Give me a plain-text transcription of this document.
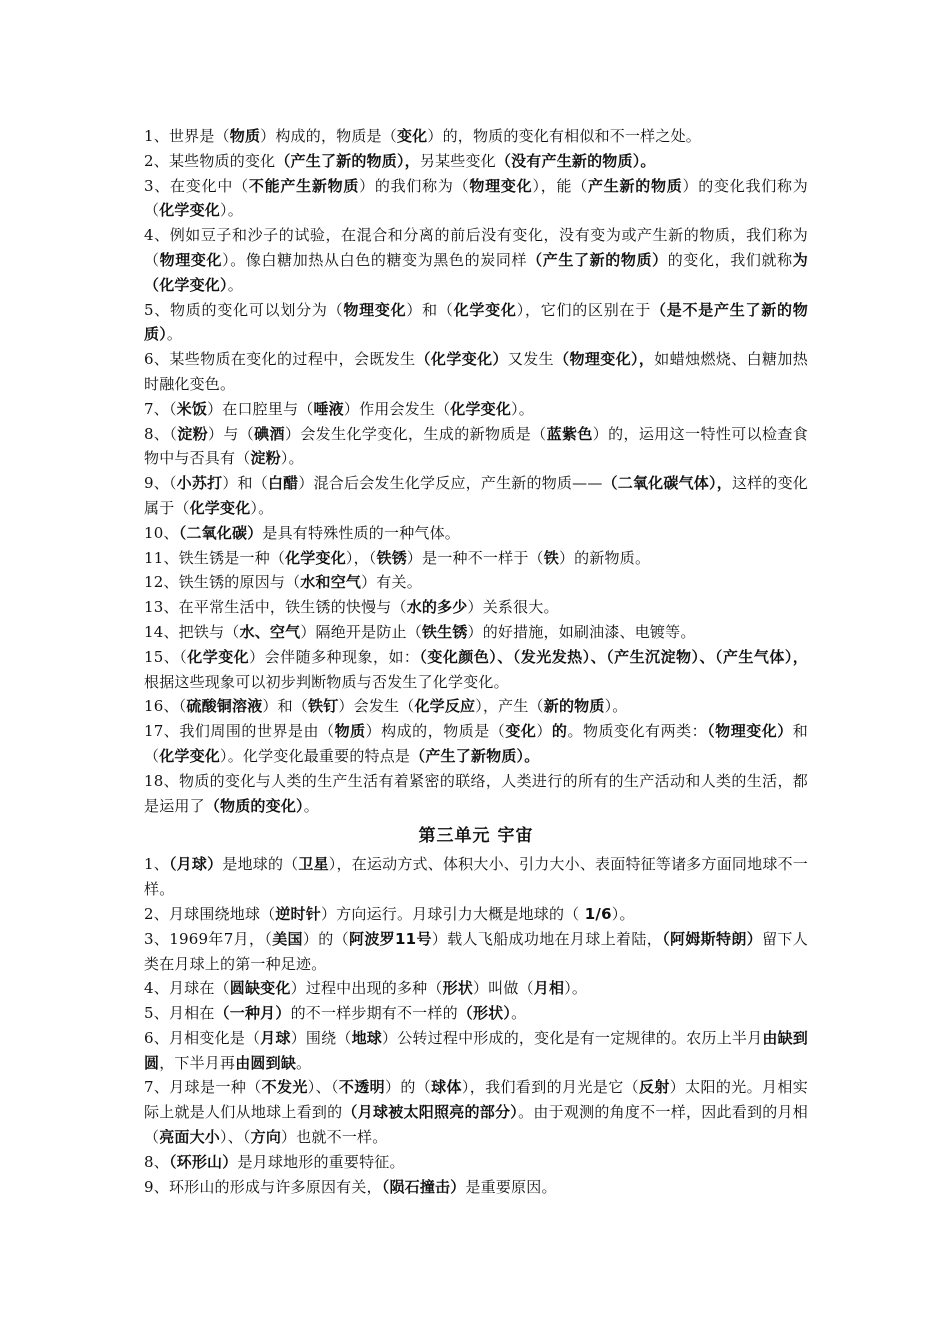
1、世界是（物质）构成的，物质是（变化）的，物质的变化有相似和不一样之处。

2、某些物质的变化（产生了新的物质），另某些变化（没有产生新的物质）。

3、在变化中（不能产生新物质）的我们称为（物理变化），能（产生新的物质）的变化我们称为（化学变化）。

4、例如豆子和沙子的试验，在混合和分离的前后没有变化，没有变为或产生新的物质，我们称为（物理变化）。像白糖加热从白色的糖变为黑色的炭同样（产生了新的物质）的变化，我们就称为（化学变化）。

5、物质的变化可以划分为（物理变化）和（化学变化），它们的区别在于（是不是产生了新的物质）。

6、某些物质在变化的过程中，会既发生（化学变化）又发生（物理变化），如蜡烛燃烧、白糖加热时融化变色。

7、（米饭）在口腔里与（唾液）作用会发生（化学变化）。

8、（淀粉）与（碘酒）会发生化学变化，生成的新物质是（蓝紫色）的，运用这一特性可以检查食物中与否具有（淀粉）。

9、（小苏打）和（白醋）混合后会发生化学反应，产生新的物质——（二氧化碳气体），这样的变化属于（化学变化）。

10、（二氧化碳）是具有特殊性质的一种气体。

11、铁生锈是一种（化学变化），（铁锈）是一种不一样于（铁）的新物质。

12、铁生锈的原因与（水和空气）有关。

13、在平常生活中，铁生锈的快慢与（水的多少）关系很大。

14、把铁与（水、空气）隔绝开是防止（铁生锈）的好措施，如刷油漆、电镀等。

15、（化学变化）会伴随多种现象，如：（变化颜色）、（发光发热）、（产生沉淀物）、（产生气体），根据这些现象可以初步判断物质与否发生了化学变化。

16、（硫酸铜溶液）和（铁钉）会发生（化学反应），产生（新的物质）。

17、我们周围的世界是由（物质）构成的，物质是（变化）的。物质变化有两类：（物理变化）和（化学变化）。化学变化最重要的特点是（产生了新物质）。

18、物质的变化与人类的生产生活有着紧密的联络，人类进行的所有的生产活动和人类的生活，都是运用了（物质的变化）。

第三单元 宇宙

1、（月球）是地球的（卫星），在运动方式、体积大小、引力大小、表面特征等诸多方面同地球不一样。

2、月球围绕地球（逆时针）方向运行。月球引力大概是地球的（ 1/6）。

3、1969年7月，（美国）的（阿波罗11号）载人飞船成功地在月球上着陆，（阿姆斯特朗）留下人类在月球上的第一种足迹。

4、月球在（圆缺变化）过程中出现的多种（形状）叫做（月相）。

5、月相在（一种月）的不一样步期有不一样的（形状）。

6、月相变化是（月球）围绕（地球）公转过程中形成的，变化是有一定规律的。农历上半月由缺到圆，下半月再由圆到缺。

7、月球是一种（不发光）、（不透明）的（球体），我们看到的月光是它（反射）太阳的光。月相实际上就是人们从地球上看到的（月球被太阳照亮的部分）。由于观测的角度不一样，因此看到的月相（亮面大小）、（方向）也就不一样。

8、（环形山）是月球地形的重要特征。

9、环形山的形成与许多原因有关，（陨石撞击）是重要原因。
